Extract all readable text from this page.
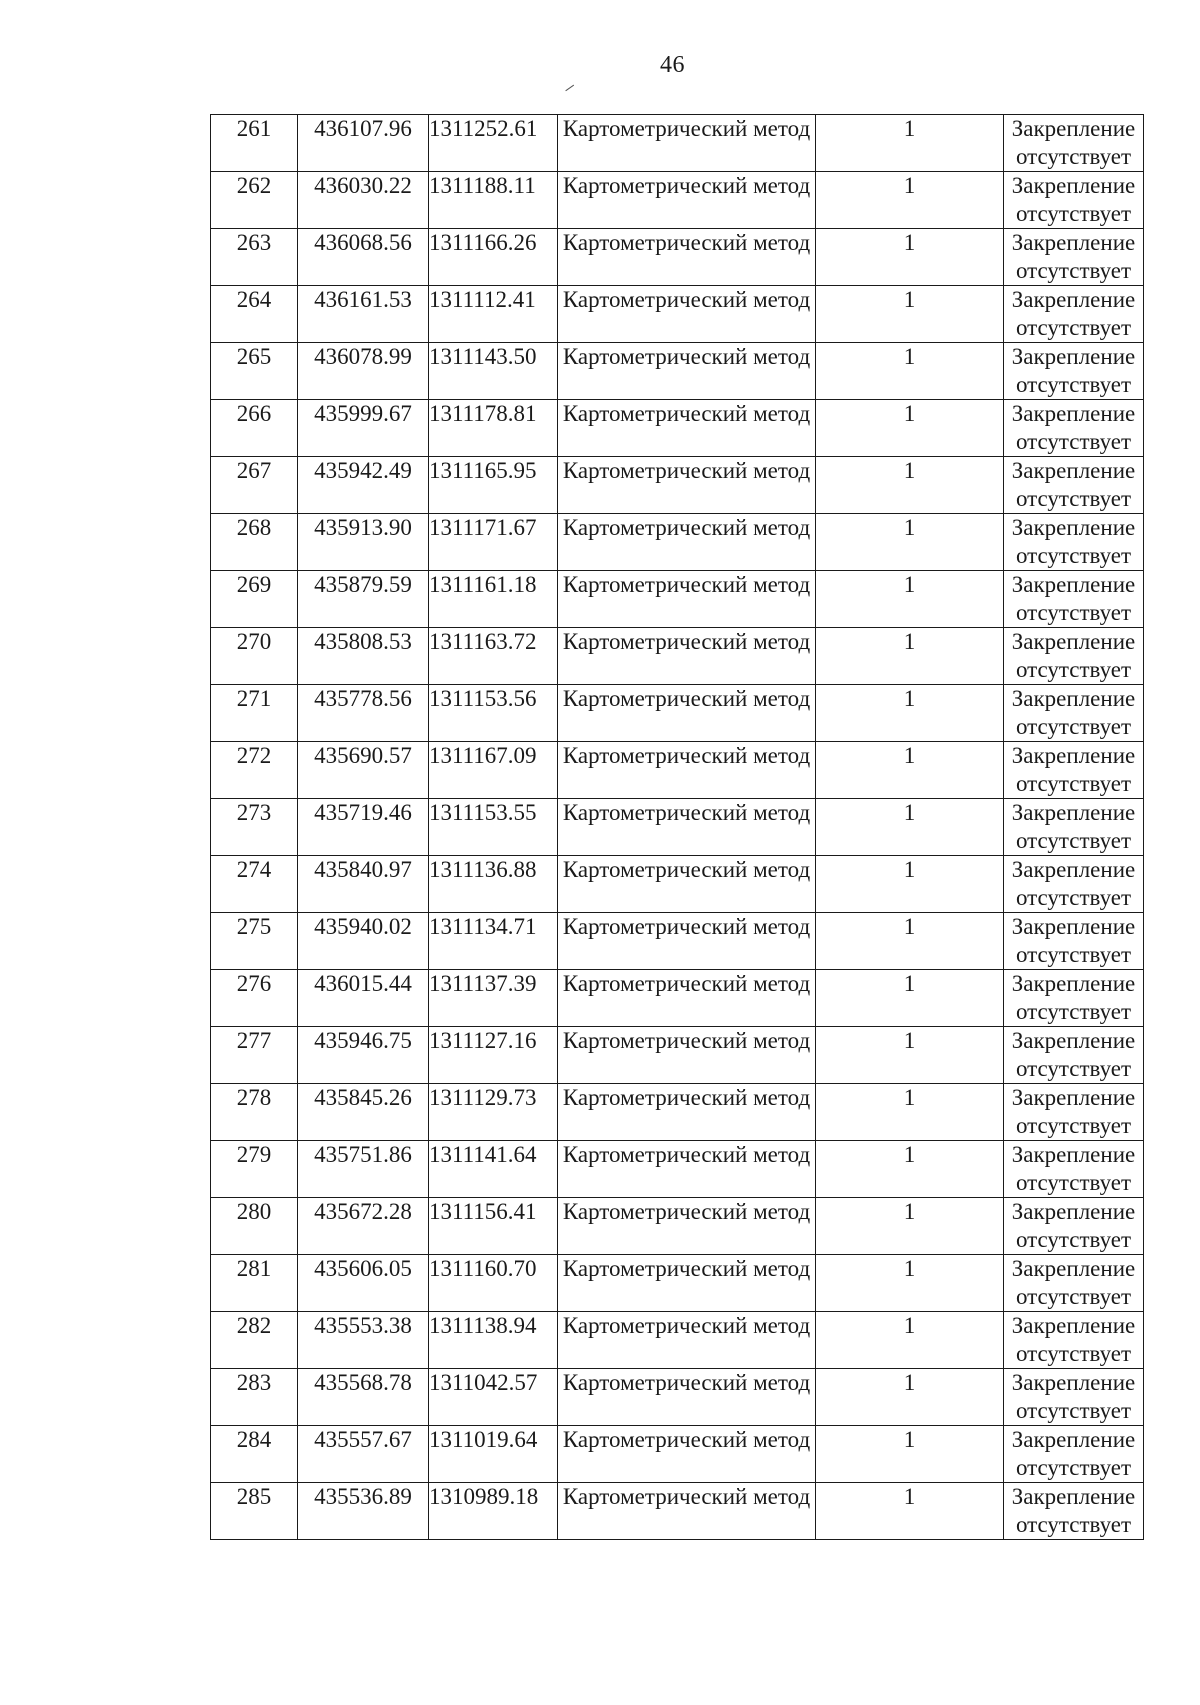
46
261	436107.96	1311252.61	Картометрический метод	1	Закрепление отсутствует
262	436030.22	1311188.11	Картометрический метод	1	Закрепление отсутствует
263	436068.56	1311166.26	Картометрический метод	1	Закрепление отсутствует
264	436161.53	1311112.41	Картометрический метод	1	Закрепление отсутствует
265	436078.99	1311143.50	Картометрический метод	1	Закрепление отсутствует
266	435999.67	1311178.81	Картометрический метод	1	Закрепление отсутствует
267	435942.49	1311165.95	Картометрический метод	1	Закрепление отсутствует
268	435913.90	1311171.67	Картометрический метод	1	Закрепление отсутствует
269	435879.59	1311161.18	Картометрический метод	1	Закрепление отсутствует
270	435808.53	1311163.72	Картометрический метод	1	Закрепление отсутствует
271	435778.56	1311153.56	Картометрический метод	1	Закрепление отсутствует
272	435690.57	1311167.09	Картометрический метод	1	Закрепление отсутствует
273	435719.46	1311153.55	Картометрический метод	1	Закрепление отсутствует
274	435840.97	1311136.88	Картометрический метод	1	Закрепление отсутствует
275	435940.02	1311134.71	Картометрический метод	1	Закрепление отсутствует
276	436015.44	1311137.39	Картометрический метод	1	Закрепление отсутствует
277	435946.75	1311127.16	Картометрический метод	1	Закрепление отсутствует
278	435845.26	1311129.73	Картометрический метод	1	Закрепление отсутствует
279	435751.86	1311141.64	Картометрический метод	1	Закрепление отсутствует
280	435672.28	1311156.41	Картометрический метод	1	Закрепление отсутствует
281	435606.05	1311160.70	Картометрический метод	1	Закрепление отсутствует
282	435553.38	1311138.94	Картометрический метод	1	Закрепление отсутствует
283	435568.78	1311042.57	Картометрический метод	1	Закрепление отсутствует
284	435557.67	1311019.64	Картометрический метод	1	Закрепление отсутствует
285	435536.89	1310989.18	Картометрический метод	1	Закрепление отсутствует
